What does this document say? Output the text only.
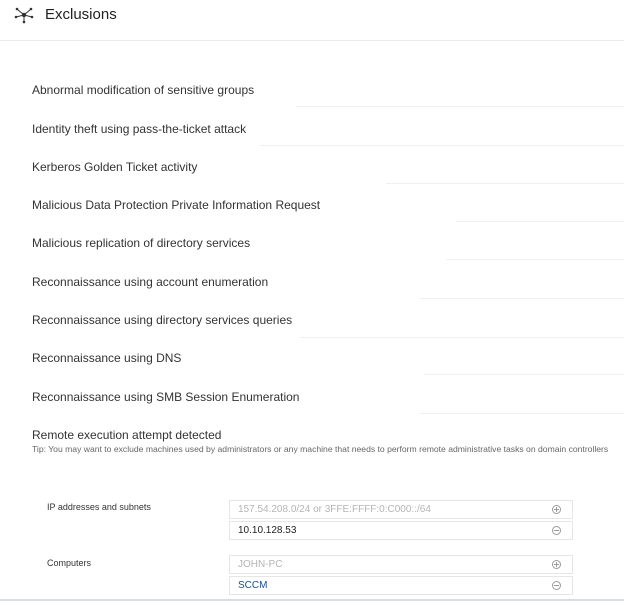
Exclusions
Abnormal modification of sensitive groups
Identity theft using pass-the-ticket attack
Kerberos Golden Ticket activity
Malicious Data Protection Private Information Request
Malicious replication of directory services
Reconnaissance using account enumeration
Reconnaissance using directory services queries
Reconnaissance using DNS
Reconnaissance using SMB Session Enumeration
Remote execution attempt detected
Tip: You may want to exclude machines used by administrators or any machine that needs to perform remote administrative tasks on domain controllers
IP addresses and subnets
157.54.208.0/24 or 3FFE:FFFF:0:C000::/64
10.10.128.53
Computers
JOHN-PC
SCCM
